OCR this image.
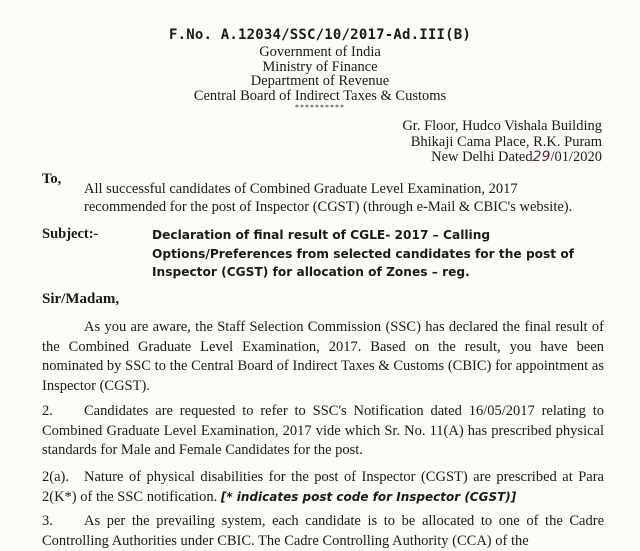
F.No. A.12034/SSC/10/2017-Ad.III(B)
Government of India
Ministry of Finance
Department of Revenue
Central Board of Indirect Taxes & Customs
**********
Gr. Floor, Hudco Vishala Building
Bhikaji Cama Place, R.K. Puram
New Delhi Dated29/01/2020
To,
All successful candidates of Combined Graduate Level Examination, 2017
recommended for the post of Inspector (CGST) (through e-Mail & CBIC's website).
Subject:-	Declaration of final result of CGLE- 2017 – Calling Options/Preferences from selected candidates for the post of Inspector (CGST) for allocation of Zones – reg.
Sir/Madam,
As you are aware, the Staff Selection Commission (SSC) has declared the final result of the Combined Graduate Level Examination, 2017. Based on the result, you have been nominated by SSC to the Central Board of Indirect Taxes & Customs (CBIC) for appointment as Inspector (CGST).
2. Candidates are requested to refer to SSC's Notification dated 16/05/2017 relating to Combined Graduate Level Examination, 2017 vide which Sr. No. 11(A) has prescribed physical standards for Male and Female Candidates for the post.
2(a). Nature of physical disabilities for the post of Inspector (CGST) are prescribed at Para 2(K*) of the SSC notification. [* indicates post code for Inspector (CGST)]
3. As per the prevailing system, each candidate is to be allocated to one of the Cadre Controlling Authorities under CBIC. The Cadre Controlling Authority (CCA) of the
